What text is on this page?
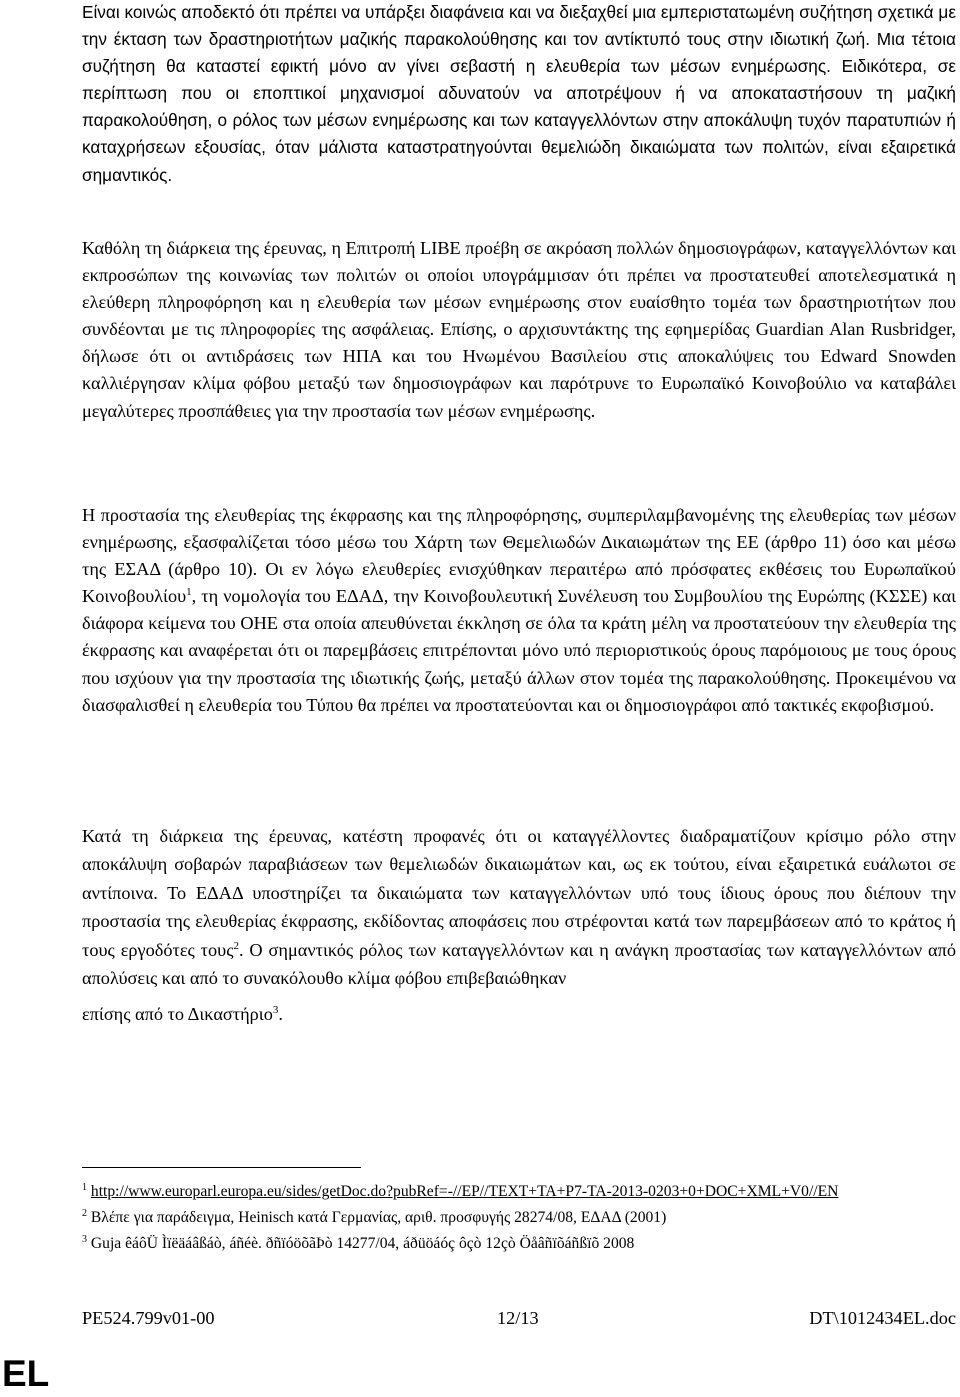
Είναι κοινώς αποδεκτό ότι πρέπει να υπάρξει διαφάνεια και να διεξαχθεί μια εμπεριστατωμένη συζήτηση σχετικά με την έκταση των δραστηριοτήτων μαζικής παρακολούθησης και τον αντίκτυπό τους στην ιδιωτική ζωή. Μια τέτοια συζήτηση θα καταστεί εφικτή μόνο αν γίνει σεβαστή η ελευθερία των μέσων ενημέρωσης. Ειδικότερα, σε περίπτωση που οι εποπτικοί μηχανισμοί αδυνατούν να αποτρέψουν ή να αποκαταστήσουν τη μαζική παρακολούθηση, ο ρόλος των μέσων ενημέρωσης και των καταγγελλόντων στην αποκάλυψη τυχόν παρατυπιών ή καταχρήσεων εξουσίας, όταν μάλιστα καταστρατηγούνται θεμελιώδη δικαιώματα των πολιτών, είναι εξαιρετικά σημαντικός.

Καθόλη τη διάρκεια της έρευνας, η Επιτροπή LIBE προέβη σε ακρόαση πολλών δημοσιογράφων, καταγγελλόντων και εκπροσώπων της κοινωνίας των πολιτών οι οποίοι υπογράμμισαν ότι πρέπει να προστατευθεί αποτελεσματικά η ελεύθερη πληροφόρηση και η ελευθερία των μέσων ενημέρωσης στον ευαίσθητο τομέα των δραστηριοτήτων που συνδέονται με τις πληροφορίες της ασφάλειας. Επίσης, ο αρχισυντάκτης της εφημερίδας Guardian Alan Rusbridger, δήλωσε ότι οι αντιδράσεις των ΗΠΑ και του Ηνωμένου Βασιλείου στις αποκαλύψεις του Edward Snowden καλλιέργησαν κλίμα φόβου μεταξύ των δημοσιογράφων και παρότρυνε το Ευρωπαϊκό Κοινοβούλιο να καταβάλει μεγαλύτερες προσπάθειες για την προστασία των μέσων ενημέρωσης.

Η προστασία της ελευθερίας της έκφρασης και της πληροφόρησης, συμπεριλαμβανομένης της ελευθερίας των μέσων ενημέρωσης, εξασφαλίζεται τόσο μέσω του Χάρτη των Θεμελιωδών Δικαιωμάτων της ΕΕ (άρθρο 11) όσο και μέσω της ΕΣΑΔ (άρθρο 10). Οι εν λόγω ελευθερίες ενισχύθηκαν περαιτέρω από πρόσφατες εκθέσεις του Ευρωπαϊκού Κοινοβουλίου$^1$, τη νομολογία του ΕΔΑΔ, την Κοινοβουλευτική Συνέλευση του Συμβουλίου της Ευρώπης (ΚΣΣΕ) και διάφορα κείμενα του ΟΗΕ στα οποία απευθύνεται έκκληση σε όλα τα κράτη μέλη να προστατεύουν την ελευθερία της έκφρασης και αναφέρεται ότι οι παρεμβάσεις επιτρέπονται μόνο υπό περιοριστικούς όρους παρόμοιους με τους όρους που ισχύουν για την προστασία της ιδιωτικής ζωής, μεταξύ άλλων στον τομέα της παρακολούθησης. Προκειμένου να διασφαλισθεί η ελευθερία του Τύπου θα πρέπει να προστατεύονται και οι δημοσιογράφοι από τακτικές εκφοβισμού.

Κατά τη διάρκεια της έρευνας, κατέστη προφανές ότι οι καταγγέλλοντες διαδραματίζουν κρίσιμο ρόλο στην αποκάλυψη σοβαρών παραβιάσεων των θεμελιωδών δικαιωμάτων και, ως εκ τούτου, είναι εξαιρετικά ευάλωτοι σε αντίποινα. Το ΕΔΑΔ υποστηρίζει τα δικαιώματα των καταγγελλόντων υπό τους ίδιους όρους που διέπουν την προστασία της ελευθερίας έκφρασης, εκδίδοντας αποφάσεις που στρέφονται κατά των παρεμβάσεων από το κράτος ή τους εργοδότες τους$^2$. Ο σημαντικός ρόλος των καταγγελλόντων και η ανάγκη προστασίας των καταγγελλόντων από απολύσεις και από το συνακόλουθο κλίμα φόβου επιβεβαιώθηκαν
επίσης από το Δικαστήριο$^3$.

$^1$ http://www.europarl.europa.eu/sides/getDoc.do?pubRef=-//EP//TEXT+TA+P7-TA-2013-0203+0+DOC+XML+V0//EN

$^2$ Βλέπε για παράδειγμα, Heinisch κατά Γερμανίας, αριθ. προσφυγής 28274/08, ΕΔΑΔ (2001)

$^3$ Guja êáôÜ Ìïëäáâßáò, áñéè. ðñïóöõãÞò 14277/04, áðüöáóç ôçò 12çò Öåâñïõáñßïõ 2008

PE524.799v01-00	12/13	DT\1012434EL.doc
EL
